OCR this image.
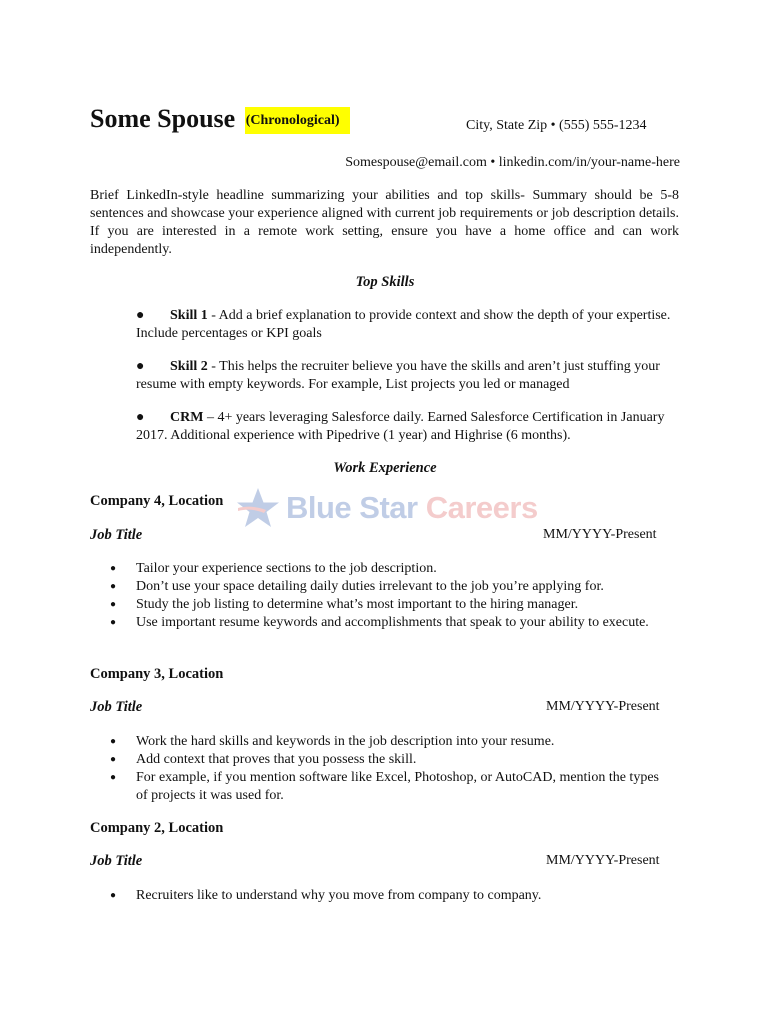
Some Spouse (Chronological)	City, State Zip • (555) 555-1234
Somespouse@email.com • linkedin.com/in/your-name-here
Brief LinkedIn-style headline summarizing your abilities and top skills- Summary should be 5-8 sentences and showcase your experience aligned with current job requirements or job description details. If you are interested in a remote work setting, ensure you have a home office and can work independently.
Top Skills
● Skill 1 - Add a brief explanation to provide context and show the depth of your expertise. Include percentages or KPI goals
● Skill 2 - This helps the recruiter believe you have the skills and aren’t just stuffing your resume with empty keywords. For example, List projects you led or managed
● CRM – 4+ years leveraging Salesforce daily. Earned Salesforce Certification in January 2017. Additional experience with Pipedrive (1 year) and Highrise (6 months).
Work Experience
Blue Star Careers
Company 4, Location
Job Title	MM/YYYY-Present
● Tailor your experience sections to the job description.
● Don’t use your space detailing daily duties irrelevant to the job you’re applying for.
● Study the job listing to determine what’s most important to the hiring manager.
● Use important resume keywords and accomplishments that speak to your ability to execute.
Company 3, Location
Job Title	MM/YYYY-Present
● Work the hard skills and keywords in the job description into your resume.
● Add context that proves that you possess the skill.
● For example, if you mention software like Excel, Photoshop, or AutoCAD, mention the types of projects it was used for.
Company 2, Location
Job Title	MM/YYYY-Present
● Recruiters like to understand why you move from company to company.
